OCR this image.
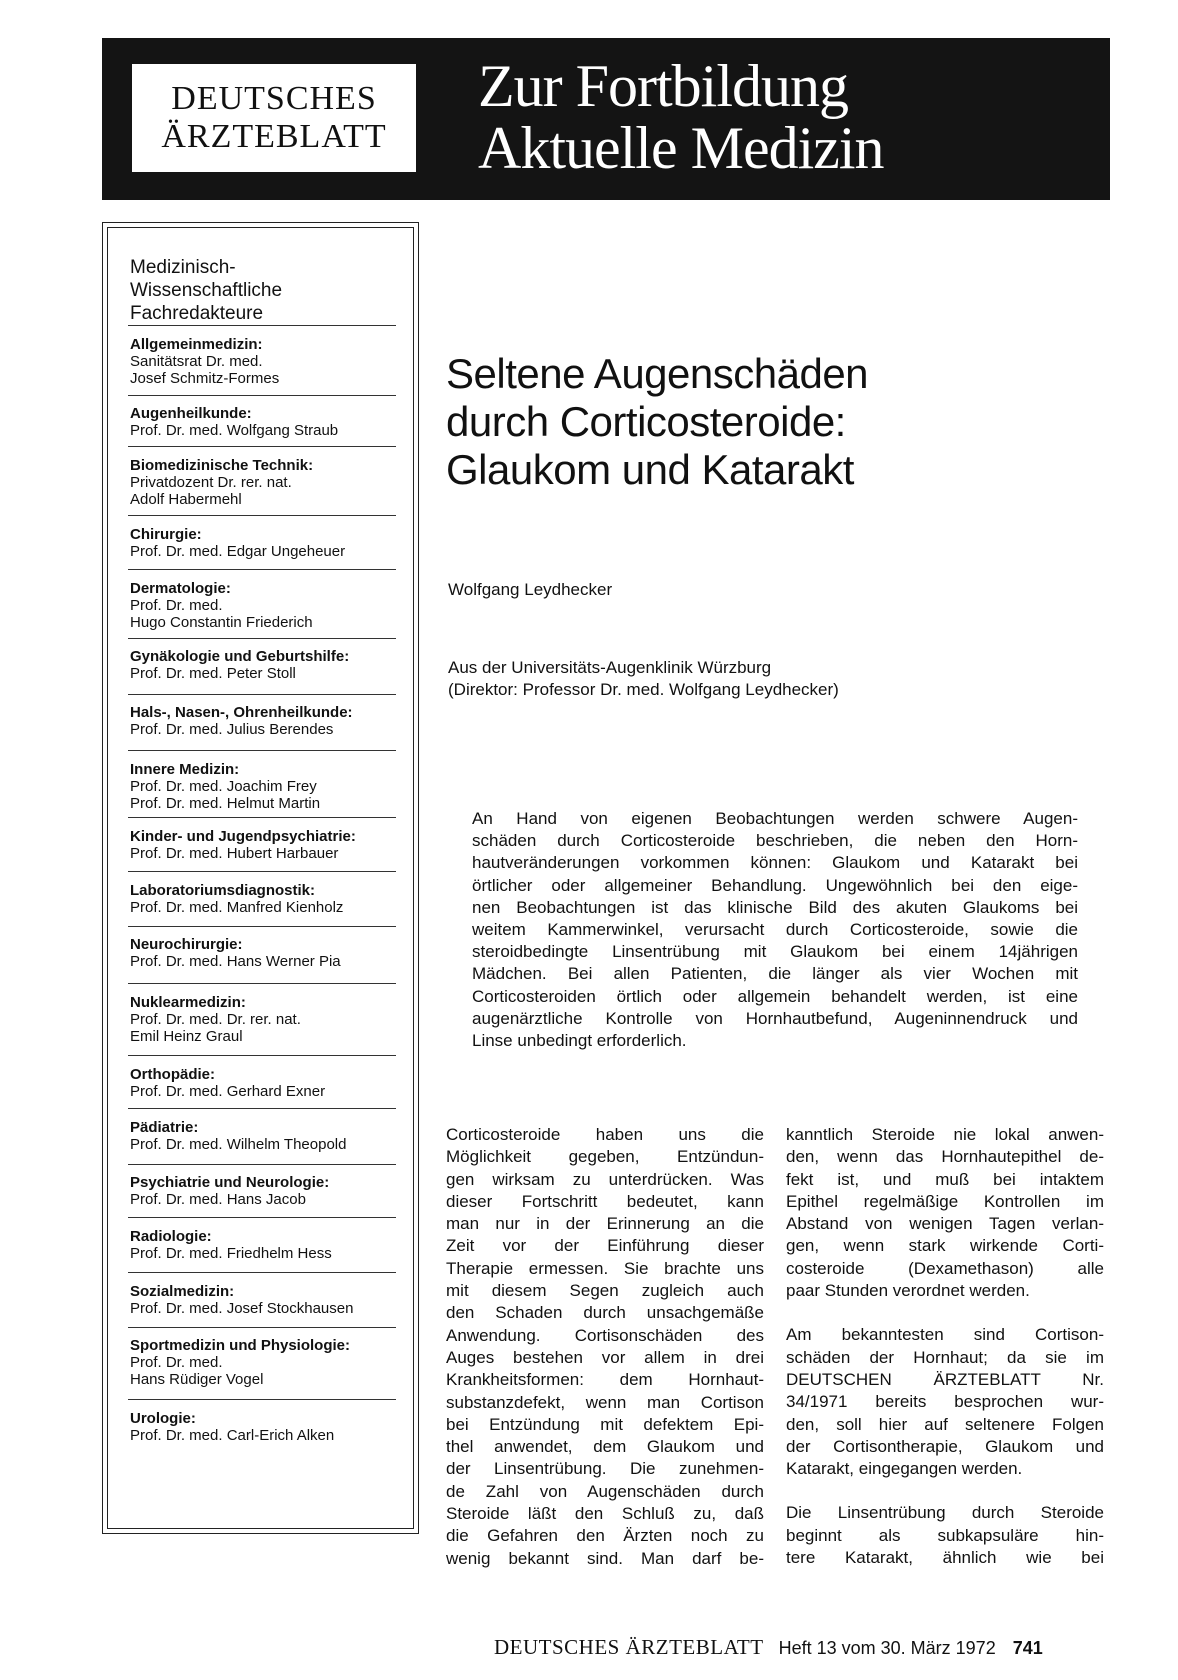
DEUTSCHES
ÄRZTEBLATT
Zur Fortbildung
Aktuelle Medizin
Medizinisch-
Wissenschaftliche
Fachredakteure
Allgemeinmedizin:
Sanitätsrat Dr. med.
Josef Schmitz-Formes
Augenheilkunde:
Prof. Dr. med. Wolfgang Straub
Biomedizinische Technik:
Privatdozent Dr. rer. nat.
Adolf Habermehl
Chirurgie:
Prof. Dr. med. Edgar Ungeheuer
Dermatologie:
Prof. Dr. med.
Hugo Constantin Friederich
Gynäkologie und Geburtshilfe:
Prof. Dr. med. Peter Stoll
Hals-, Nasen-, Ohrenheilkunde:
Prof. Dr. med. Julius Berendes
Innere Medizin:
Prof. Dr. med. Joachim Frey
Prof. Dr. med. Helmut Martin
Kinder- und Jugendpsychiatrie:
Prof. Dr. med. Hubert Harbauer
Laboratoriumsdiagnostik:
Prof. Dr. med. Manfred Kienholz
Neurochirurgie:
Prof. Dr. med. Hans Werner Pia
Nuklearmedizin:
Prof. Dr. med. Dr. rer. nat.
Emil Heinz Graul
Orthopädie:
Prof. Dr. med. Gerhard Exner
Pädiatrie:
Prof. Dr. med. Wilhelm Theopold
Psychiatrie und Neurologie:
Prof. Dr. med. Hans Jacob
Radiologie:
Prof. Dr. med. Friedhelm Hess
Sozialmedizin:
Prof. Dr. med. Josef Stockhausen
Sportmedizin und Physiologie:
Prof. Dr. med.
Hans Rüdiger Vogel
Urologie:
Prof. Dr. med. Carl-Erich Alken
Seltene Augenschäden
durch Corticosteroide:
Glaukom und Katarakt
Wolfgang Leydhecker
Aus der Universitäts-Augenklinik Würzburg
(Direktor: Professor Dr. med. Wolfgang Leydhecker)
An Hand von eigenen Beobachtungen werden schwere Augen-
schäden durch Corticosteroide beschrieben, die neben den Horn-
hautveränderungen vorkommen können: Glaukom und Katarakt bei
örtlicher oder allgemeiner Behandlung. Ungewöhnlich bei den eige-
nen Beobachtungen ist das klinische Bild des akuten Glaukoms bei
weitem Kammerwinkel, verursacht durch Corticosteroide, sowie die
steroidbedingte Linsentrübung mit Glaukom bei einem 14jährigen
Mädchen. Bei allen Patienten, die länger als vier Wochen mit
Corticosteroiden örtlich oder allgemein behandelt werden, ist eine
augenärztliche Kontrolle von Hornhautbefund, Augeninnendruck und
Linse unbedingt erforderlich.
Corticosteroide haben uns die
Möglichkeit gegeben, Entzündun-
gen wirksam zu unterdrücken. Was
dieser Fortschritt bedeutet, kann
man nur in der Erinnerung an die
Zeit vor der Einführung dieser
Therapie ermessen. Sie brachte uns
mit diesem Segen zugleich auch
den Schaden durch unsachgemäße
Anwendung. Cortisonschäden des
Auges bestehen vor allem in drei
Krankheitsformen: dem Hornhaut-
substanzdefekt, wenn man Cortison
bei Entzündung mit defektem Epi-
thel anwendet, dem Glaukom und
der Linsentrübung. Die zunehmen-
de Zahl von Augenschäden durch
Steroide läßt den Schluß zu, daß
die Gefahren den Ärzten noch zu
wenig bekannt sind. Man darf be-
kanntlich Steroide nie lokal anwen-
den, wenn das Hornhautepithel de-
fekt ist, und muß bei intaktem
Epithel regelmäßige Kontrollen im
Abstand von wenigen Tagen verlan-
gen, wenn stark wirkende Corti-
costeroide (Dexamethason) alle
paar Stunden verordnet werden.
Am bekanntesten sind Cortison-
schäden der Hornhaut; da sie im
DEUTSCHEN ÄRZTEBLATT Nr.
34/1971 bereits besprochen wur-
den, soll hier auf seltenere Folgen
der Cortisontherapie, Glaukom und
Katarakt, eingegangen werden.
Die Linsentrübung durch Steroide
beginnt als subkapsuläre hin-
tere Katarakt, ähnlich wie bei
DEUTSCHES ÄRZTEBLATT Heft 13 vom 30. März 1972 741
